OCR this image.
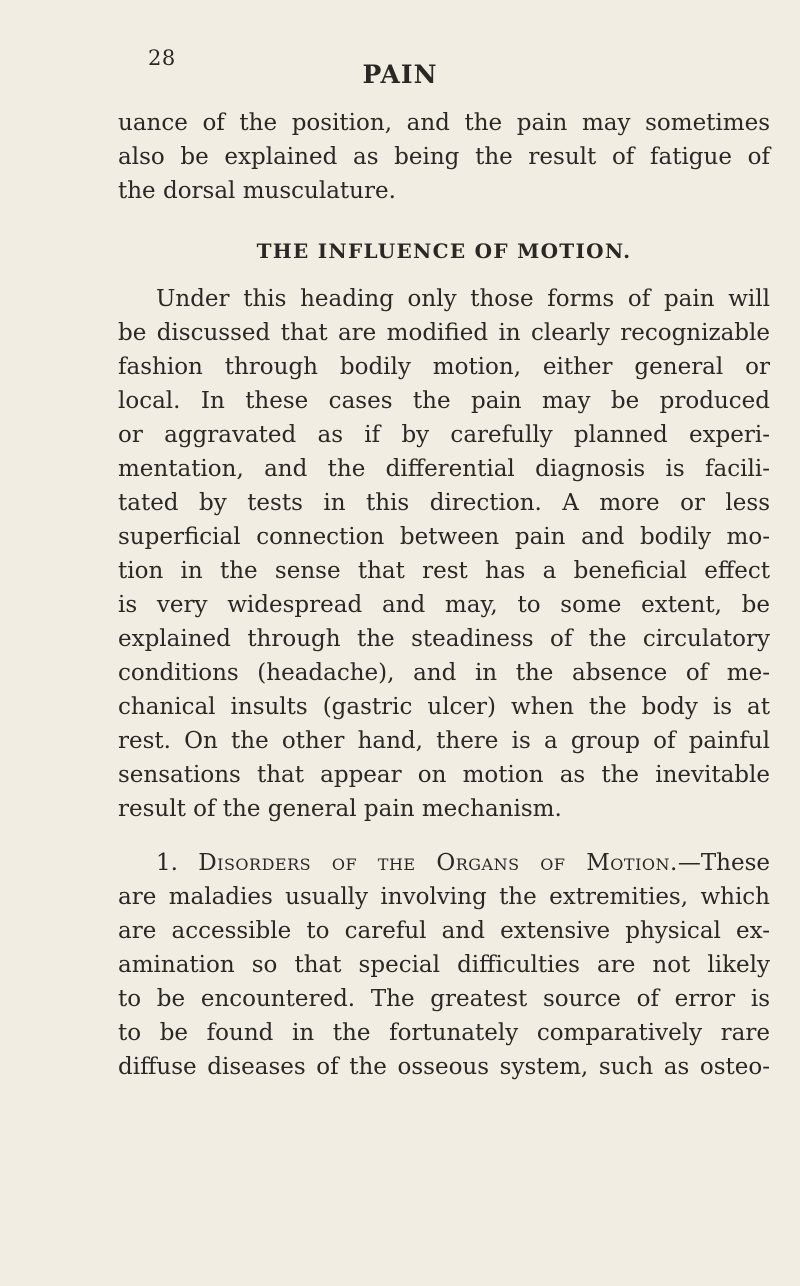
28
PAIN
uance of the position, and the pain may sometimes
also be explained as being the result of fatigue of
the dorsal musculature.
THE INFLUENCE OF MOTION.
Under this heading only those forms of pain will
be discussed that are modified in clearly recognizable
fashion through bodily motion, either general or
local. In these cases the pain may be produced
or aggravated as if by carefully planned experi-
mentation, and the differential diagnosis is facili-
tated by tests in this direction. A more or less
superficial connection between pain and bodily mo-
tion in the sense that rest has a beneficial effect
is very widespread and may, to some extent, be
explained through the steadiness of the circulatory
conditions (headache), and in the absence of me-
chanical insults (gastric ulcer) when the body is at
rest. On the other hand, there is a group of painful
sensations that appear on motion as the inevitable
result of the general pain mechanism.
1. Disorders of the Organs of Motion.—These
are maladies usually involving the extremities, which
are accessible to careful and extensive physical ex-
amination so that special difficulties are not likely
to be encountered. The greatest source of error is
to be found in the fortunately comparatively rare
diffuse diseases of the osseous system, such as osteo-
